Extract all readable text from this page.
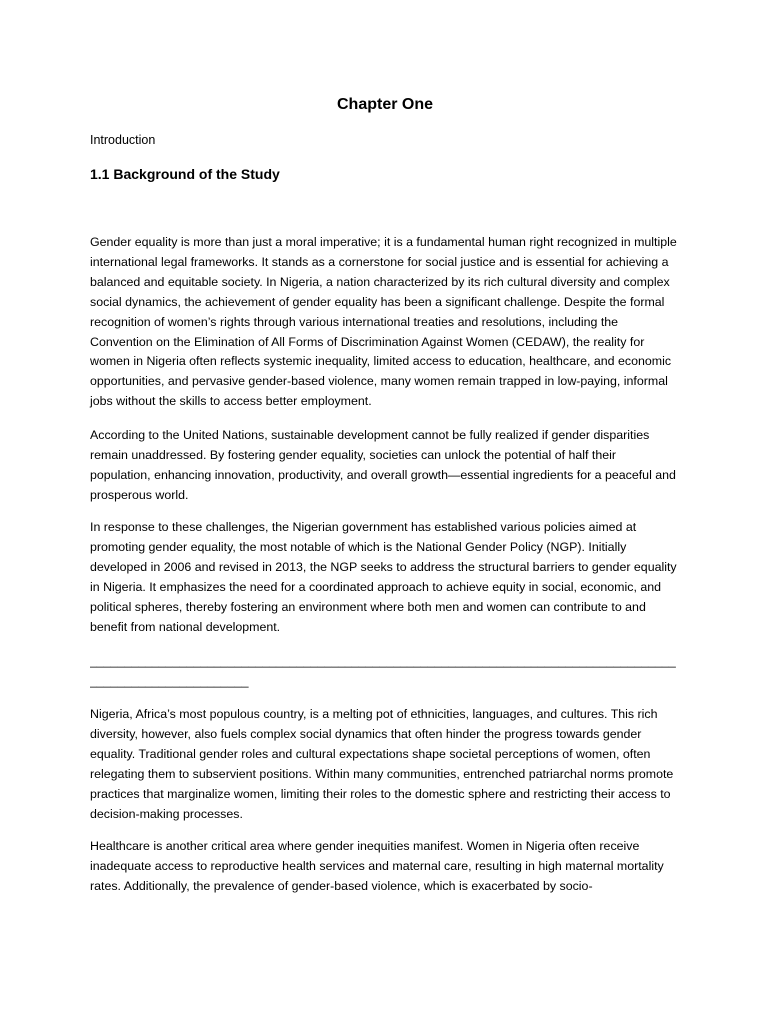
Chapter One

Introduction

1.1 Background of the Study

Gender equality is more than just a moral imperative; it is a fundamental human right recognized in multiple international legal frameworks. It stands as a cornerstone for social justice and is essential for achieving a balanced and equitable society. In Nigeria, a nation characterized by its rich cultural diversity and complex social dynamics, the achievement of gender equality has been a significant challenge. Despite the formal recognition of women’s rights through various international treaties and resolutions, including the Convention on the Elimination of All Forms of Discrimination Against Women (CEDAW), the reality for women in Nigeria often reflects systemic inequality, limited access to education, healthcare, and economic opportunities, and pervasive gender-based violence, many women remain trapped in low-paying, informal jobs without the skills to access better employment.

According to the United Nations, sustainable development cannot be fully realized if gender disparities remain unaddressed. By fostering gender equality, societies can unlock the potential of half their population, enhancing innovation, productivity, and overall growth—essential ingredients for a peaceful and prosperous world.

In response to these challenges, the Nigerian government has established various policies aimed at promoting gender equality, the most notable of which is the National Gender Policy (NGP). Initially developed in 2006 and revised in 2013, the NGP seeks to address the structural barriers to gender equality in Nigeria. It emphasizes the need for a coordinated approach to achieve equity in social, economic, and political spheres, thereby fostering an environment where both men and women can contribute to and benefit from national development.

____________________________________________________________________________________________________________

Nigeria, Africa’s most populous country, is a melting pot of ethnicities, languages, and cultures. This rich diversity, however, also fuels complex social dynamics that often hinder the progress towards gender equality. Traditional gender roles and cultural expectations shape societal perceptions of women, often relegating them to subservient positions. Within many communities, entrenched patriarchal norms promote practices that marginalize women, limiting their roles to the domestic sphere and restricting their access to decision-making processes.

Healthcare is another critical area where gender inequities manifest. Women in Nigeria often receive inadequate access to reproductive health services and maternal care, resulting in high maternal mortality rates. Additionally, the prevalence of gender-based violence, which is exacerbated by socio-
